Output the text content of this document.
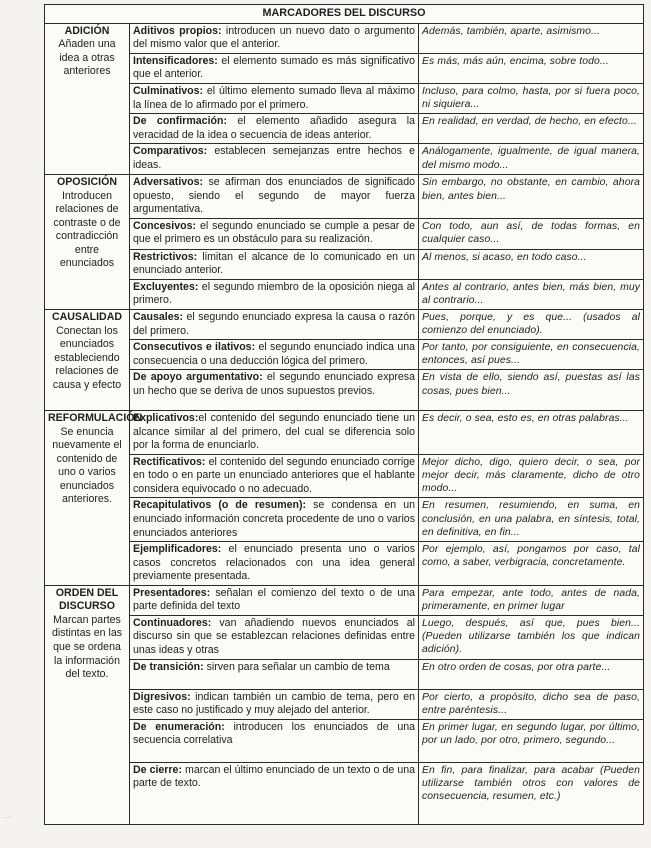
MARCADORES DEL DISCURSO		

ADICIÓN
Añaden una idea a otras anteriores	Aditivos propios: introducen un nuevo dato o argumento del mismo valor que el anterior.	Además, también, aparte, asimismo...
	Intensificadores: el elemento sumado es más significativo que el anterior.	Es más, más aún, encima, sobre todo...
	Culminativos: el último elemento sumado lleva al máximo la línea de lo afirmado por el primero.	Incluso, para colmo, hasta, por si fuera poco, ni siquiera...
	De confirmación: el elemento añadido asegura la veracidad de la idea o secuencia de ideas anterior.	En realidad, en verdad, de hecho, en efecto...
	Comparativos: establecen semejanzas entre hechos e ideas.	Análogamente, igualmente, de igual manera, del mismo modo...

OPOSICIÓN
Introducen relaciones de contraste o de contradicción entre enunciados	Adversativos: se afirman dos enunciados de significado opuesto, siendo el segundo de mayor fuerza argumentativa.	Sin embargo, no obstante, en cambio, ahora bien, antes bien...
	Concesivos: el segundo enunciado se cumple a pesar de que el primero es un obstáculo para su realización.	Con todo, aun así, de todas formas, en cualquier caso...
	Restrictivos: limitan el alcance de lo comunicado en un enunciado anterior.	Al menos, si acaso, en todo caso...
	Excluyentes: el segundo miembro de la oposición niega al primero.	Antes al contrario, antes bien, más bien, muy al contrario...

CAUSALIDAD
Conectan los enunciados estableciendo relaciones de causa y efecto	Causales: el segundo enunciado expresa la causa o razón del primero.	Pues, porque, y es que... (usados al comienzo del enunciado).
	Consecutivos e ilativos: el segundo enunciado indica una consecuencia o una deducción lógica del primero.	Por tanto, por consiguiente, en consecuencia, entonces, así pues...
	De apoyo argumentativo: el segundo enunciado expresa un hecho que se deriva de unos supuestos previos.	En vista de ello, siendo así, puestas así las cosas, pues bien...

REFORMULACIÓN
Se enuncia nuevamente el contenido de uno o varios enunciados anteriores.	Explicativos:el contenido del segundo enunciado tiene un alcance similar al del primero, del cual se diferencia solo por la forma de enunciarlo.	Es decir, o sea, esto es, en otras palabras...
	Rectificativos: el contenido del segundo enunciado corrige en todo o en parte un enunciado anteriores que el hablante considera equivocado o no adecuado.	Mejor dicho, digo, quiero decir, o sea, por mejor decir, más claramente, dicho de otro modo...
	Recapitulativos (o de resumen): se condensa en un enunciado información concreta procedente de uno o varios enunciados anteriores	En resumen, resumiendo, en suma, en conclusión, en una palabra, en síntesis, total, en definitiva, en fin...
	Ejemplificadores: el enunciado presenta uno o varios casos concretos relacionados con una idea general previamente presentada.	Por ejemplo, así, pongamos por caso, tal como, a saber, verbigracia, concretamente.

ORDEN DEL DISCURSO
Marcan partes distintas en las que se ordena la información del texto.	Presentadores: señalan el comienzo del texto o de una parte definida del texto	Para empezar, ante todo, antes de nada, primeramente, en primer lugar
	Continuadores: van añadiendo nuevos enunciados al discurso sin que se establezcan relaciones definidas entre unas ideas y otras	Luego, después, así que, pues bien... (Pueden utilizarse también los que indican adición).
	De transición: sirven para señalar un cambio de tema	En otro orden de cosas, por otra parte...
	Digresivos: indican también un cambio de tema, pero en este caso no justificado y muy alejado del anterior.	Por cierto, a propósito, dicho sea de paso, entre paréntesis...
	De enumeración: introducen los enunciados de una secuencia correlativa	En primer lugar, en segundo lugar, por último, por un lado, por otro, primero, segundo...
	De cierre: marcan el último enunciado de un texto o de una parte de texto.	En fin, para finalizar, para acabar (Pueden utilizarse también otros con valores de consecuencia, resumen, etc.)
…
